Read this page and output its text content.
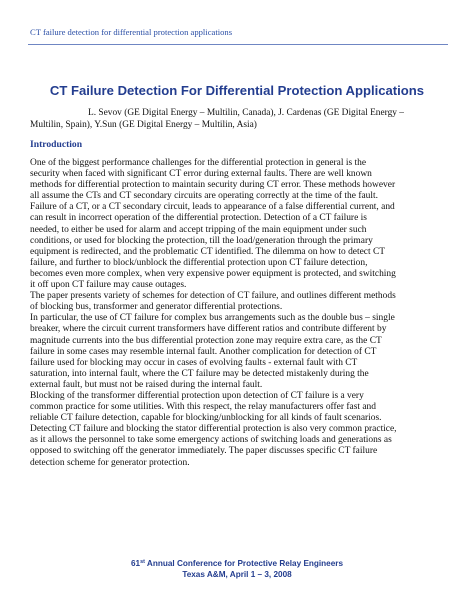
CT failure detection for differential protection applications
CT Failure Detection For Differential Protection Applications
L. Sevov (GE Digital Energy – Multilin, Canada), J. Cardenas (GE Digital Energy –
Multilin, Spain), Y.Sun (GE Digital Energy – Multilin, Asia)
Introduction
One of the biggest performance challenges for the differential protection in general is the
security when faced with significant CT error during external faults. There are well known
methods for differential protection to maintain security during CT error. These methods however
all assume the CTs and CT secondary circuits are operating correctly at the time of the fault.
Failure of a CT, or a CT secondary circuit, leads to appearance of a false differential current, and
can result in incorrect operation of the differential protection. Detection of a CT failure is
needed, to either be used for alarm and accept tripping of the main equipment under such
conditions, or used for blocking the protection, till the load/generation through the primary
equipment is redirected, and the problematic CT identified. The dilemma on how to detect CT
failure, and further to block/unblock the differential protection upon CT failure detection,
becomes even more complex, when very expensive power equipment is protected, and switching
it off upon CT failure may cause outages.
The paper presents variety of schemes for detection of CT failure, and outlines different methods
of blocking bus, transformer and generator differential protections.
In particular, the use of CT failure for complex bus arrangements such as the double bus – single
breaker, where the circuit current transformers have different ratios and contribute different by
magnitude currents into the bus differential protection zone may require extra care, as the CT
failure in some cases may resemble internal fault. Another complication for detection of CT
failure used for blocking may occur in cases of evolving faults - external fault with CT
saturation, into internal fault, where the CT failure may be detected mistakenly during the
external fault, but must not be raised during the internal fault.
Blocking of the transformer differential protection upon detection of CT failure is a very
common practice for some utilities. With this respect, the relay manufacturers offer fast and
reliable CT failure detection, capable for blocking/unblocking for all kinds of fault scenarios.
Detecting CT failure and blocking the stator differential protection is also very common practice,
as it allows the personnel to take some emergency actions of switching loads and generations as
opposed to switching off the generator immediately. The paper discusses specific CT failure
detection scheme for generator protection.
61st Annual Conference for Protective Relay Engineers
Texas A&M, April 1 – 3, 2008
